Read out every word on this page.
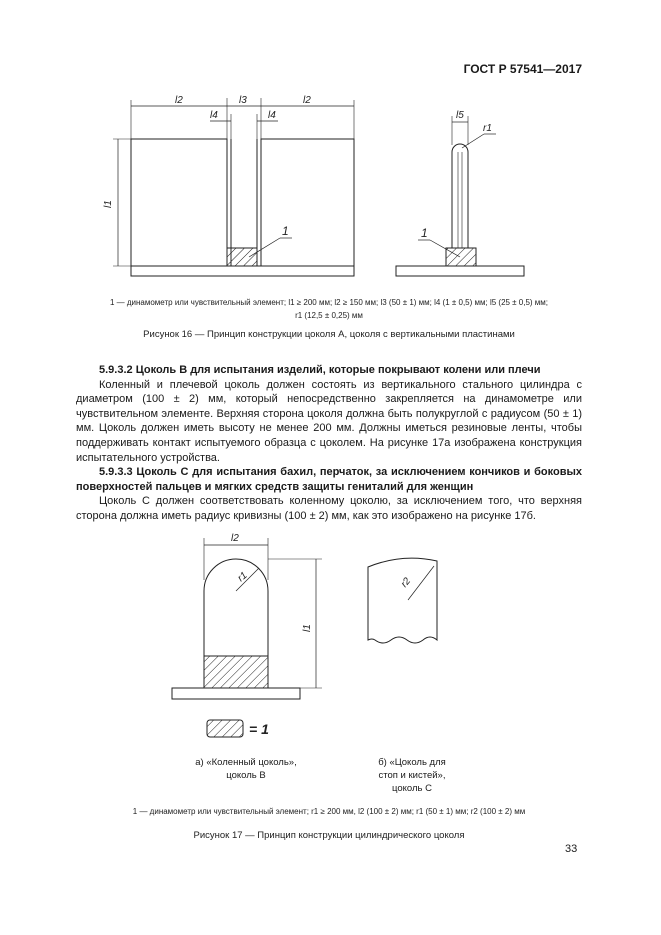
ГОСТ Р 57541—2017
l2	l3	l2
l4	l4
l1
1
l5
r1
1
1 — динамометр или чувствительный элемент; l1 ≥ 200 мм; l2 ≥ 150 мм; l3 (50 ± 1) мм; l4 (1 ± 0,5) мм; l5 (25 ± 0,5) мм;
r1 (12,5 ± 0,25) мм
Рисунок 16 — Принцип конструкции цоколя A, цоколя с вертикальными пластинами

5.9.3.2 Цоколь B для испытания изделий, которые покрывают колени или плечи

Коленный и плечевой цоколь должен состоять из вертикального стального цилиндра с диаметром (100 ± 2) мм, который непосредственно закрепляется на динамометре или чувствительном элементе. Верхняя сторона цоколя должна быть полукруглой с радиусом (50 ± 1) мм. Цоколь должен иметь высоту не менее 200 мм. Должны иметься резиновые ленты, чтобы поддерживать контакт испытуемого образца с цоколем. На рисунке 17а изображена конструкция испытательного устройства.

5.9.3.3 Цоколь C для испытания бахил, перчаток, за исключением кончиков и боковых поверхностей пальцев и мягких средств защиты гениталий для женщин

Цоколь C должен соответствовать коленному цоколю, за исключением того, что верхняя сторона должна иметь радиус кривизны (100 ± 2) мм, как это изображено на рисунке 17б.

l2
r1
l1
r2
= 1
а) «Коленный цоколь»,
цоколь B
б) «Цоколь для
стоп и кистей»,
цоколь C
1 — динамометр или чувствительный элемент; r1 ≥ 200 мм, l2 (100 ± 2) мм; r1 (50 ± 1) мм; r2 (100 ± 2) мм
Рисунок 17 — Принцип конструкции цилиндрического цоколя
33
